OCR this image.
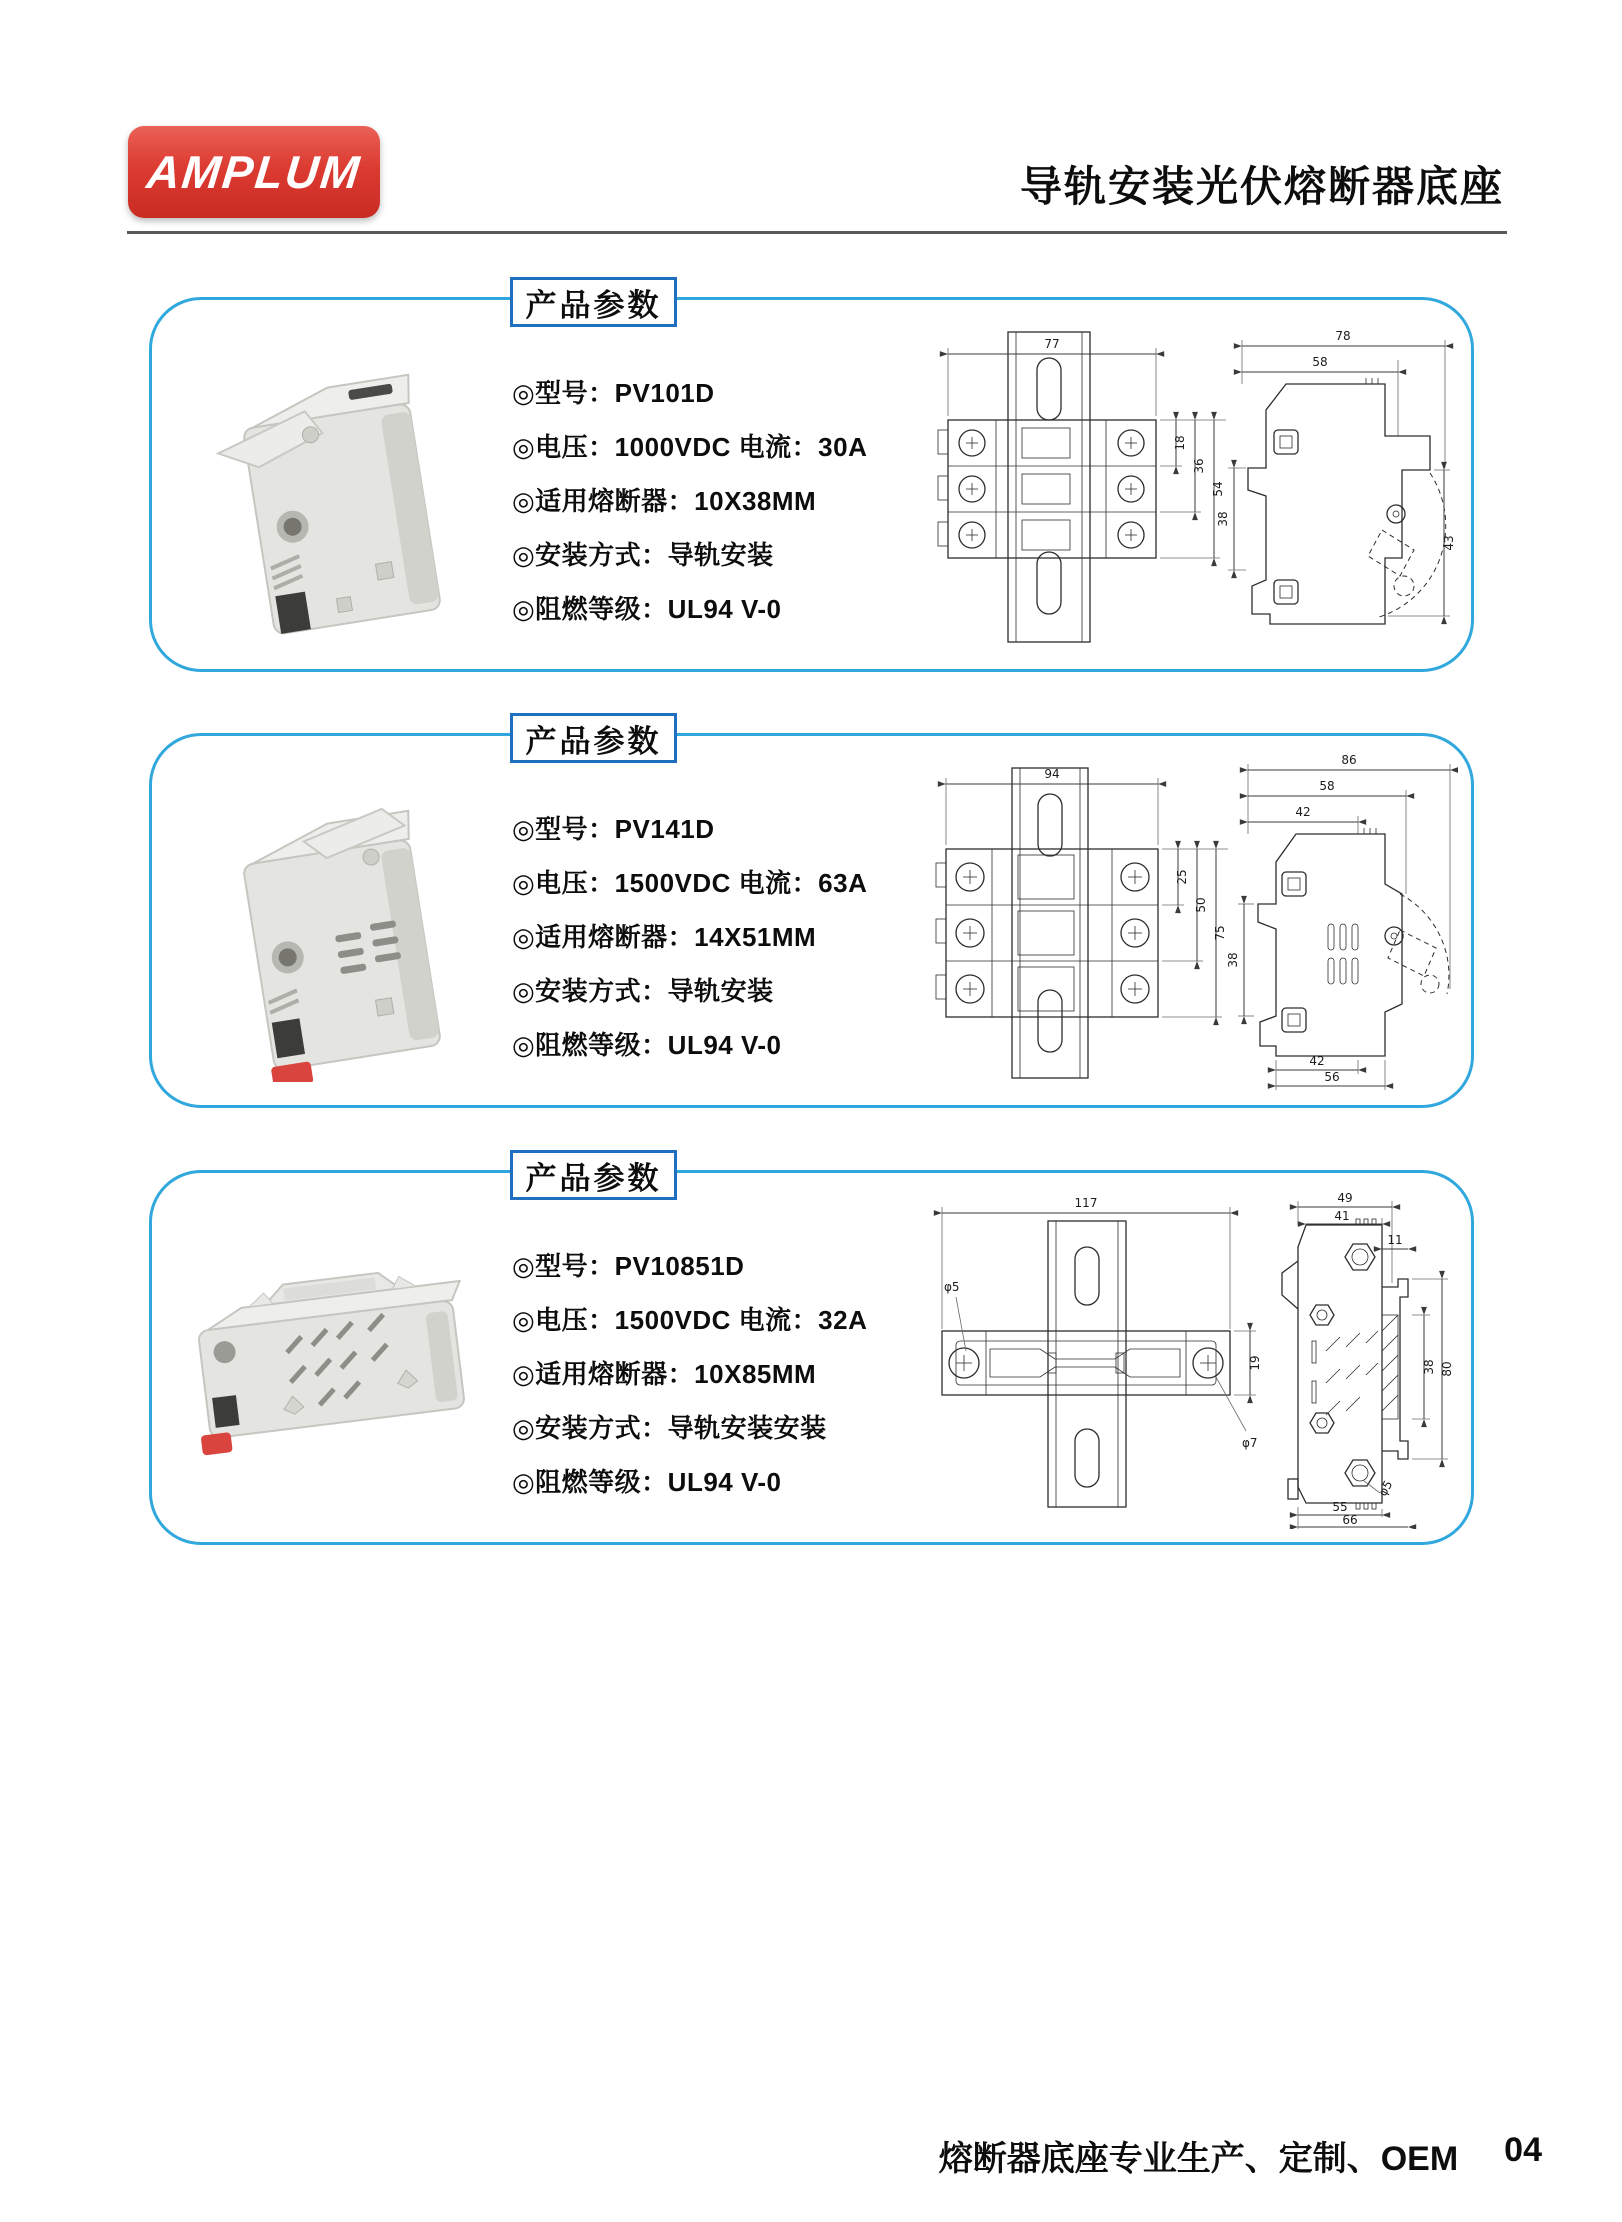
AMPLUM	导轨安装光伏熔断器底座
产品参数
◎型号：PV101D
◎电压：1000VDC 电流：30A
◎适用熔断器：10X38MM
◎安装方式：导轨安装
◎阻燃等级：UL94 V-0
77
18
36
54
78
58
38
43
产品参数
◎型号：PV141D
◎电压：1500VDC 电流：63A
◎适用熔断器：14X51MM
◎安装方式：导轨安装
◎阻燃等级：UL94 V-0
94
25
50
75
86
58
42
38
42
56
产品参数
◎型号：PV10851D
◎电压：1500VDC 电流：32A
◎适用熔断器：10X85MM
◎安装方式：导轨安装安装
◎阻燃等级：UL94 V-0
117
φ5
19
φ7
49
41
11
38 80
55
66
φ5
熔断器底座专业生产、定制、OEM 04
